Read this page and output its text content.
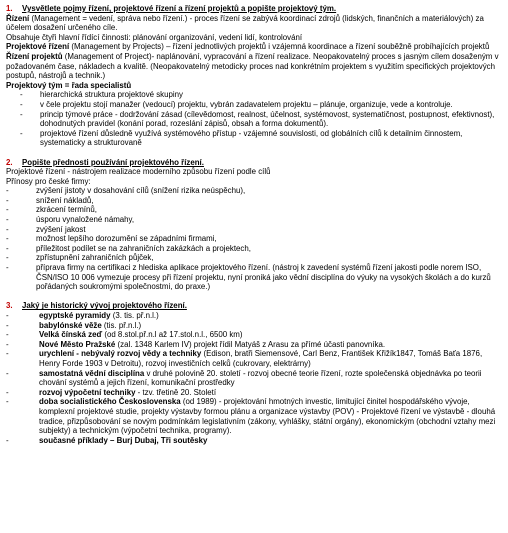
1. Vysvětlete pojmy řízení, projektové řízení a řízení projektů a popište projektový tým.

Řízení (Management = vedení, správa nebo řízení.) - proces řízení se zabývá koordinací zdrojů (lidských, finančních a materiálových) za účelem dosažení určeného cíle.

Obsahuje čtyři hlavní řídící činnosti: plánování organizování, vedení lidí, kontrolování

Projektové řízení (Management by Projects) – řízení jednotlivých projektů i vzájemná koordinace a řízení souběžně probíhajících projektů

Řízení projektů (Management of Project)- naplánování, vypracování a řízení realizace. Neopakovatelný proces s jasným cílem dosaženým v požadovaném čase, nákladech a kvalitě. (Neopakovatelný metodicky proces nad konkrétním projektem s využitím specifických projektových postupů, nástrojů a technik.)

Projektový tým = řada specialistů

-	hierarchická struktura projektové skupiny
-	v čele projektu stojí manažer (vedoucí) projektu, vybrán zadavatelem projektu – plánuje, organizuje, vede a kontroluje.
-	princip týmové práce - dodržování zásad (cílevědomost, realnost, účelnost, systémovost, systematičnost, postupnost, efektivnost), dohodnutých pravidel (konání porad, rozeslání zápisů, obsah a forma dokumentů).
-	projektové řízení důsledně využívá systémového přístup - vzájemné souvislosti, od globálních cílů k detailním činnostem, systematicky a strukturovaně
2. Popište přednosti používání projektového řízení.

Projektové řízení - nástrojem realizace moderního způsobu řízení podle cílů

Přínosy pro české firmy:

-	zvýšení jistoty v dosahování cílů (snížení rizika neúspěchu),
-	snížení nákladů,
-	zkrácení termínů,
-	úsporu vynaložené námahy,
-	zvýšení jakost
-	možnost lepšího dorozumění se západními firmami,
-	příležitost podílet se na zahraničních zakázkách a projektech,
-	zpřístupnění zahraničních půjček,
-	příprava firmy na certifikaci z hlediska aplikace projektového řízení. (nástroj k zavedení systémů řízení jakosti podle norem ISO, ČSN/ISO 10 006 vymezuje procesy při řízení projektu, nyní proniká jako vědní disciplína do výuky na vysokých školách a do kurzů pořádaných soukromými společnostmi, do praxe.)
3. Jaký je historický vývoj projektového řízení.
-	egyptské pyramidy (3. tis. př.n.l.)
-	babylónské věže (tis. př.n.l.)
-	Velká čínská zeď (od 8.stol.př.n.l až 17.stol.n.l., 6500 km)
-	Nové Město Pražské (zal. 1348 Karlem IV) projekt řídil Matyáš z Arasu za přímé účasti panovníka.
-	urychlení - nebývalý rozvoj vědy a techniky (Edison, bratři Siemensové, Carl Benz, František Křižík1847, Tomáš Baťa 1876, Henry Forde 1903 v Detroitu), rozvoj investičních celků (cukrovary, elektrárny)
-	samostatná vědní disciplína v druhé polovině 20. století - rozvoj obecné teorie řízení, rozte společenská objednávka po teorii chování systémů a jejich řízení, komunikační prostředky
-	rozvoj výpočetní techniky - tzv. třetině 20. Století
-	doba socialistického Československa (od 1989) - projektování hmotných investic, limitující činitel hospodářského vývoje, komplexní projektové studie, projekty výstavby formou plánu a organizace výstavby (POV) - Projektové řízení ve výstavbě - dlouhá tradice, přizpůsobování se novým podmínkám legislativním (zákony, vyhlášky, státní orgány), ekonomickým (obchodní vztahy mezi subjekty) a technickým (výpočetní technika, programy).
-	současné příklady – Burj Dubaj, Tři soutěsky
